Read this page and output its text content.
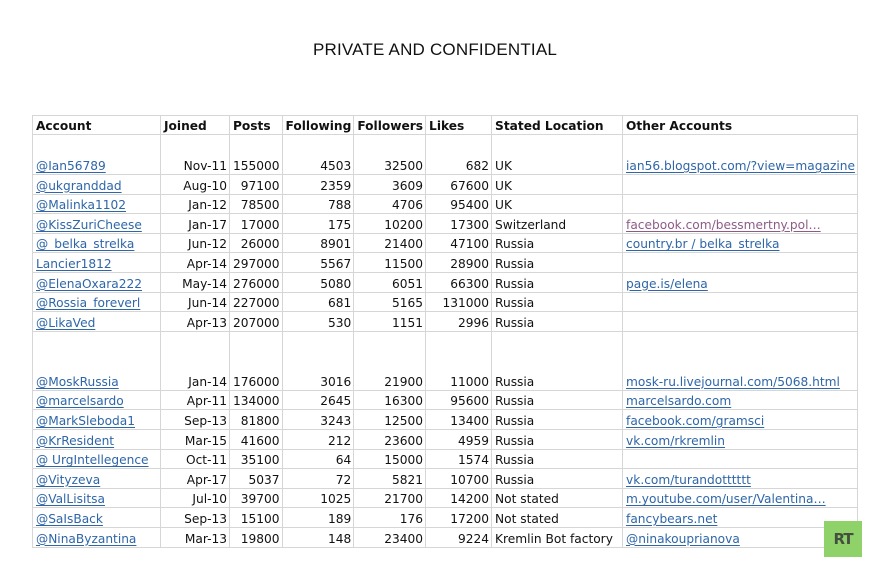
PRIVATE AND CONFIDENTIAL
Account	Joined	Posts	Following	Followers	Likes	Stated Location	Other Accounts
@Ian56789	Nov-11	155000	4503	32500	682	UK	ian56.blogspot.com/?view=magazine
@ukgranddad	Aug-10	97100	2359	3609	67600	UK	
@Malinka1102	Jan-12	78500	788	4706	95400	UK	
@KissZuriCheese	Jan-17	17000	175	10200	17300	Switzerland	facebook.com/bessmertny.pol…
@_belka_strelka	Jun-12	26000	8901	21400	47100	Russia	country.br / belka_strelka
Lancier1812	Apr-14	297000	5567	11500	28900	Russia	
@ElenaOxara222	May-14	276000	5080	6051	66300	Russia	page.is/elena
@Rossia_foreverl	Jun-14	227000	681	5165	131000	Russia	
@LikaVed	Apr-13	207000	530	1151	2996	Russia	
@MoskRussia	Jan-14	176000	3016	21900	11000	Russia	mosk-ru.livejournal.com/5068.html
@marcelsardo	Apr-11	134000	2645	16300	95600	Russia	marcelsardo.com
@MarkSleboda1	Sep-13	81800	3243	12500	13400	Russia	facebook.com/gramsci
@KrResident	Mar-15	41600	212	23600	4959	Russia	vk.com/rkremlin
@ UrgIntellegence	Oct-11	35100	64	15000	1574	Russia	
@Vityzeva	Apr-17	5037	72	5821	10700	Russia	vk.com/turandotttttt
@ValLisitsa	Jul-10	39700	1025	21700	14200	Not stated	m.youtube.com/user/Valentina…
@SaIsBack	Sep-13	15100	189	176	17200	Not stated	fancybears.net
@NinaByzantina	Mar-13	19800	148	23400	9224	Kremlin Bot factory	@ninakouprianova	RT
